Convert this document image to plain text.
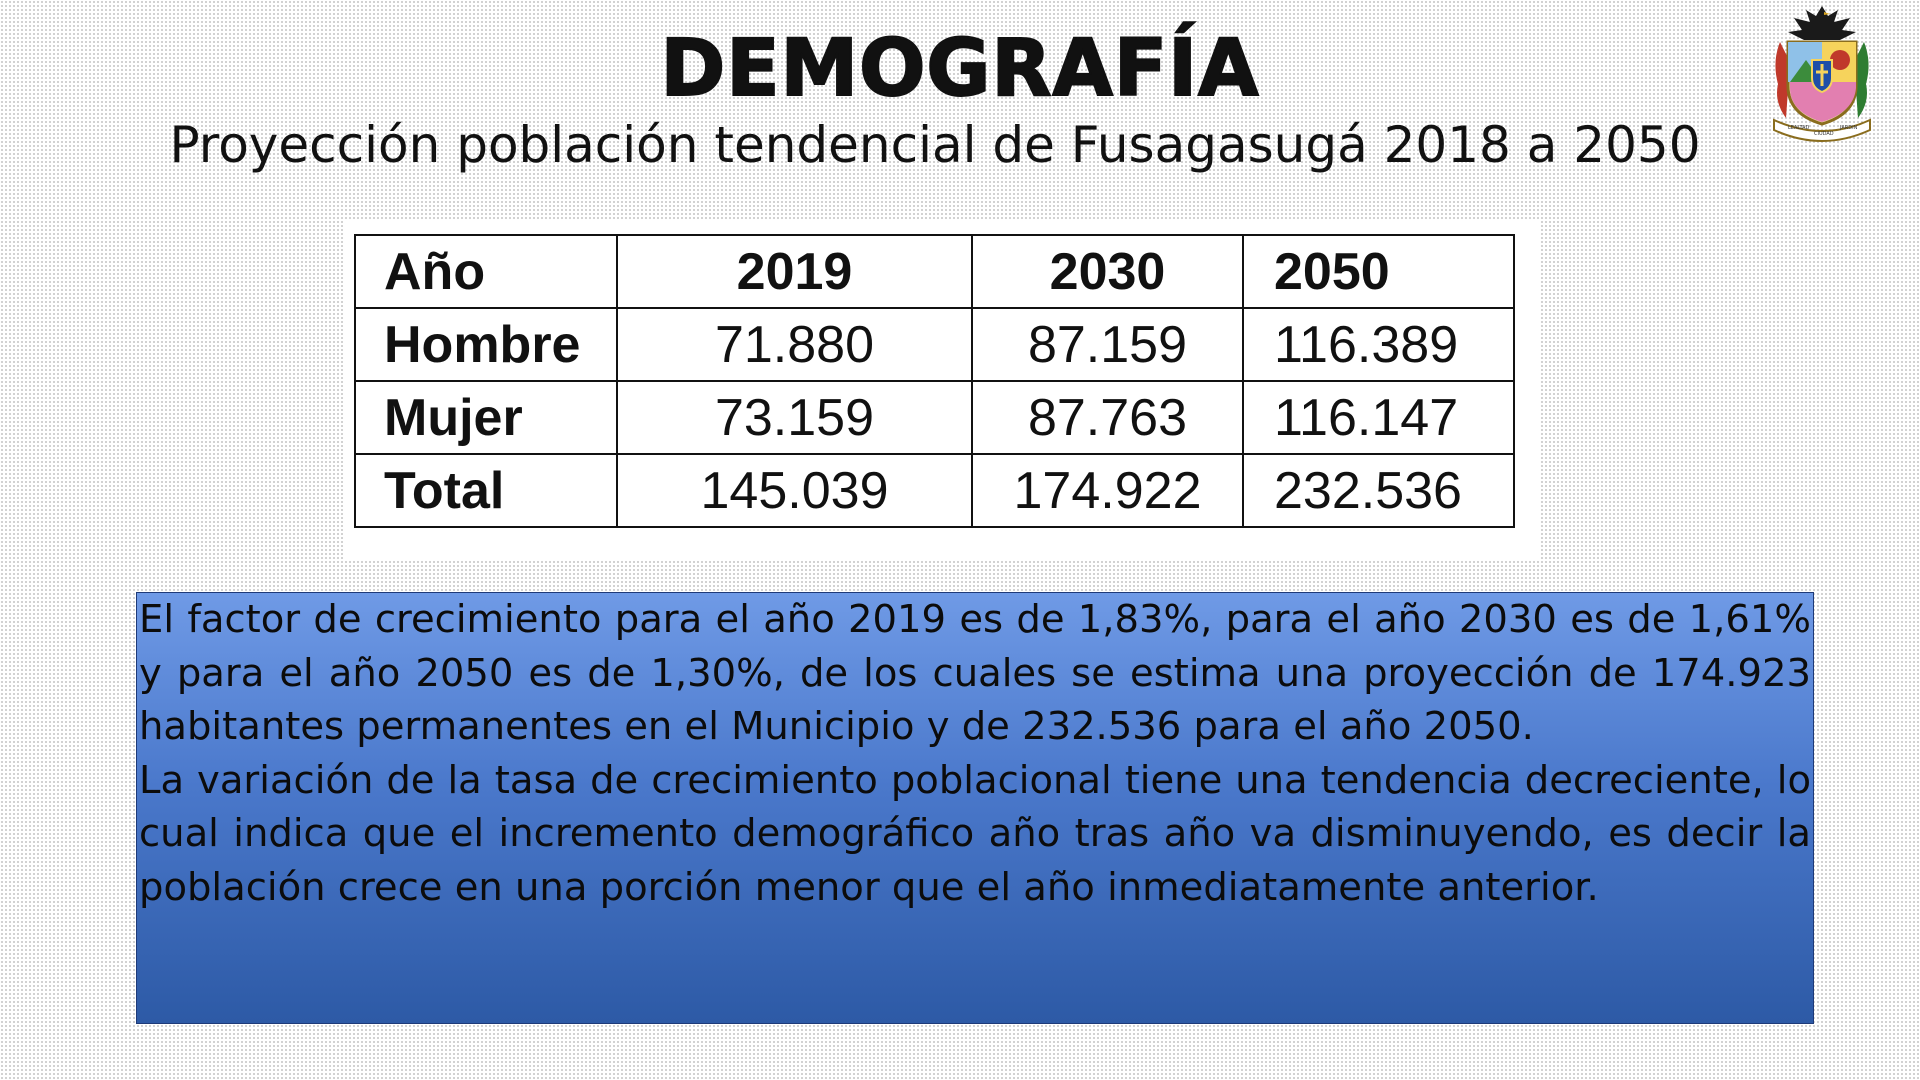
DEMOGRAFÍA
Proyección población tendencial de Fusagasugá 2018 a 2050	LEALTAD
CIUDAD
JARDIN
Año	2019	2030	2050
Hombre	71.880	87.159	116.389
Mujer	73.159	87.763	116.147
Total	145.039	174.922	232.536

El factor de crecimiento para el año 2019 es de 1,83%, para el año 2030 es de 1,61% y para el año 2050 es de 1,30%, de los cuales se estima una proyección de 174.923 habitantes permanentes en el Municipio y de 232.536 para el año 2050.

La variación de la tasa de crecimiento poblacional tiene una tendencia decreciente, lo cual indica que el incremento demográfico año tras año va disminuyendo, es decir la población crece en una porción menor que el año inmediatamente anterior.
